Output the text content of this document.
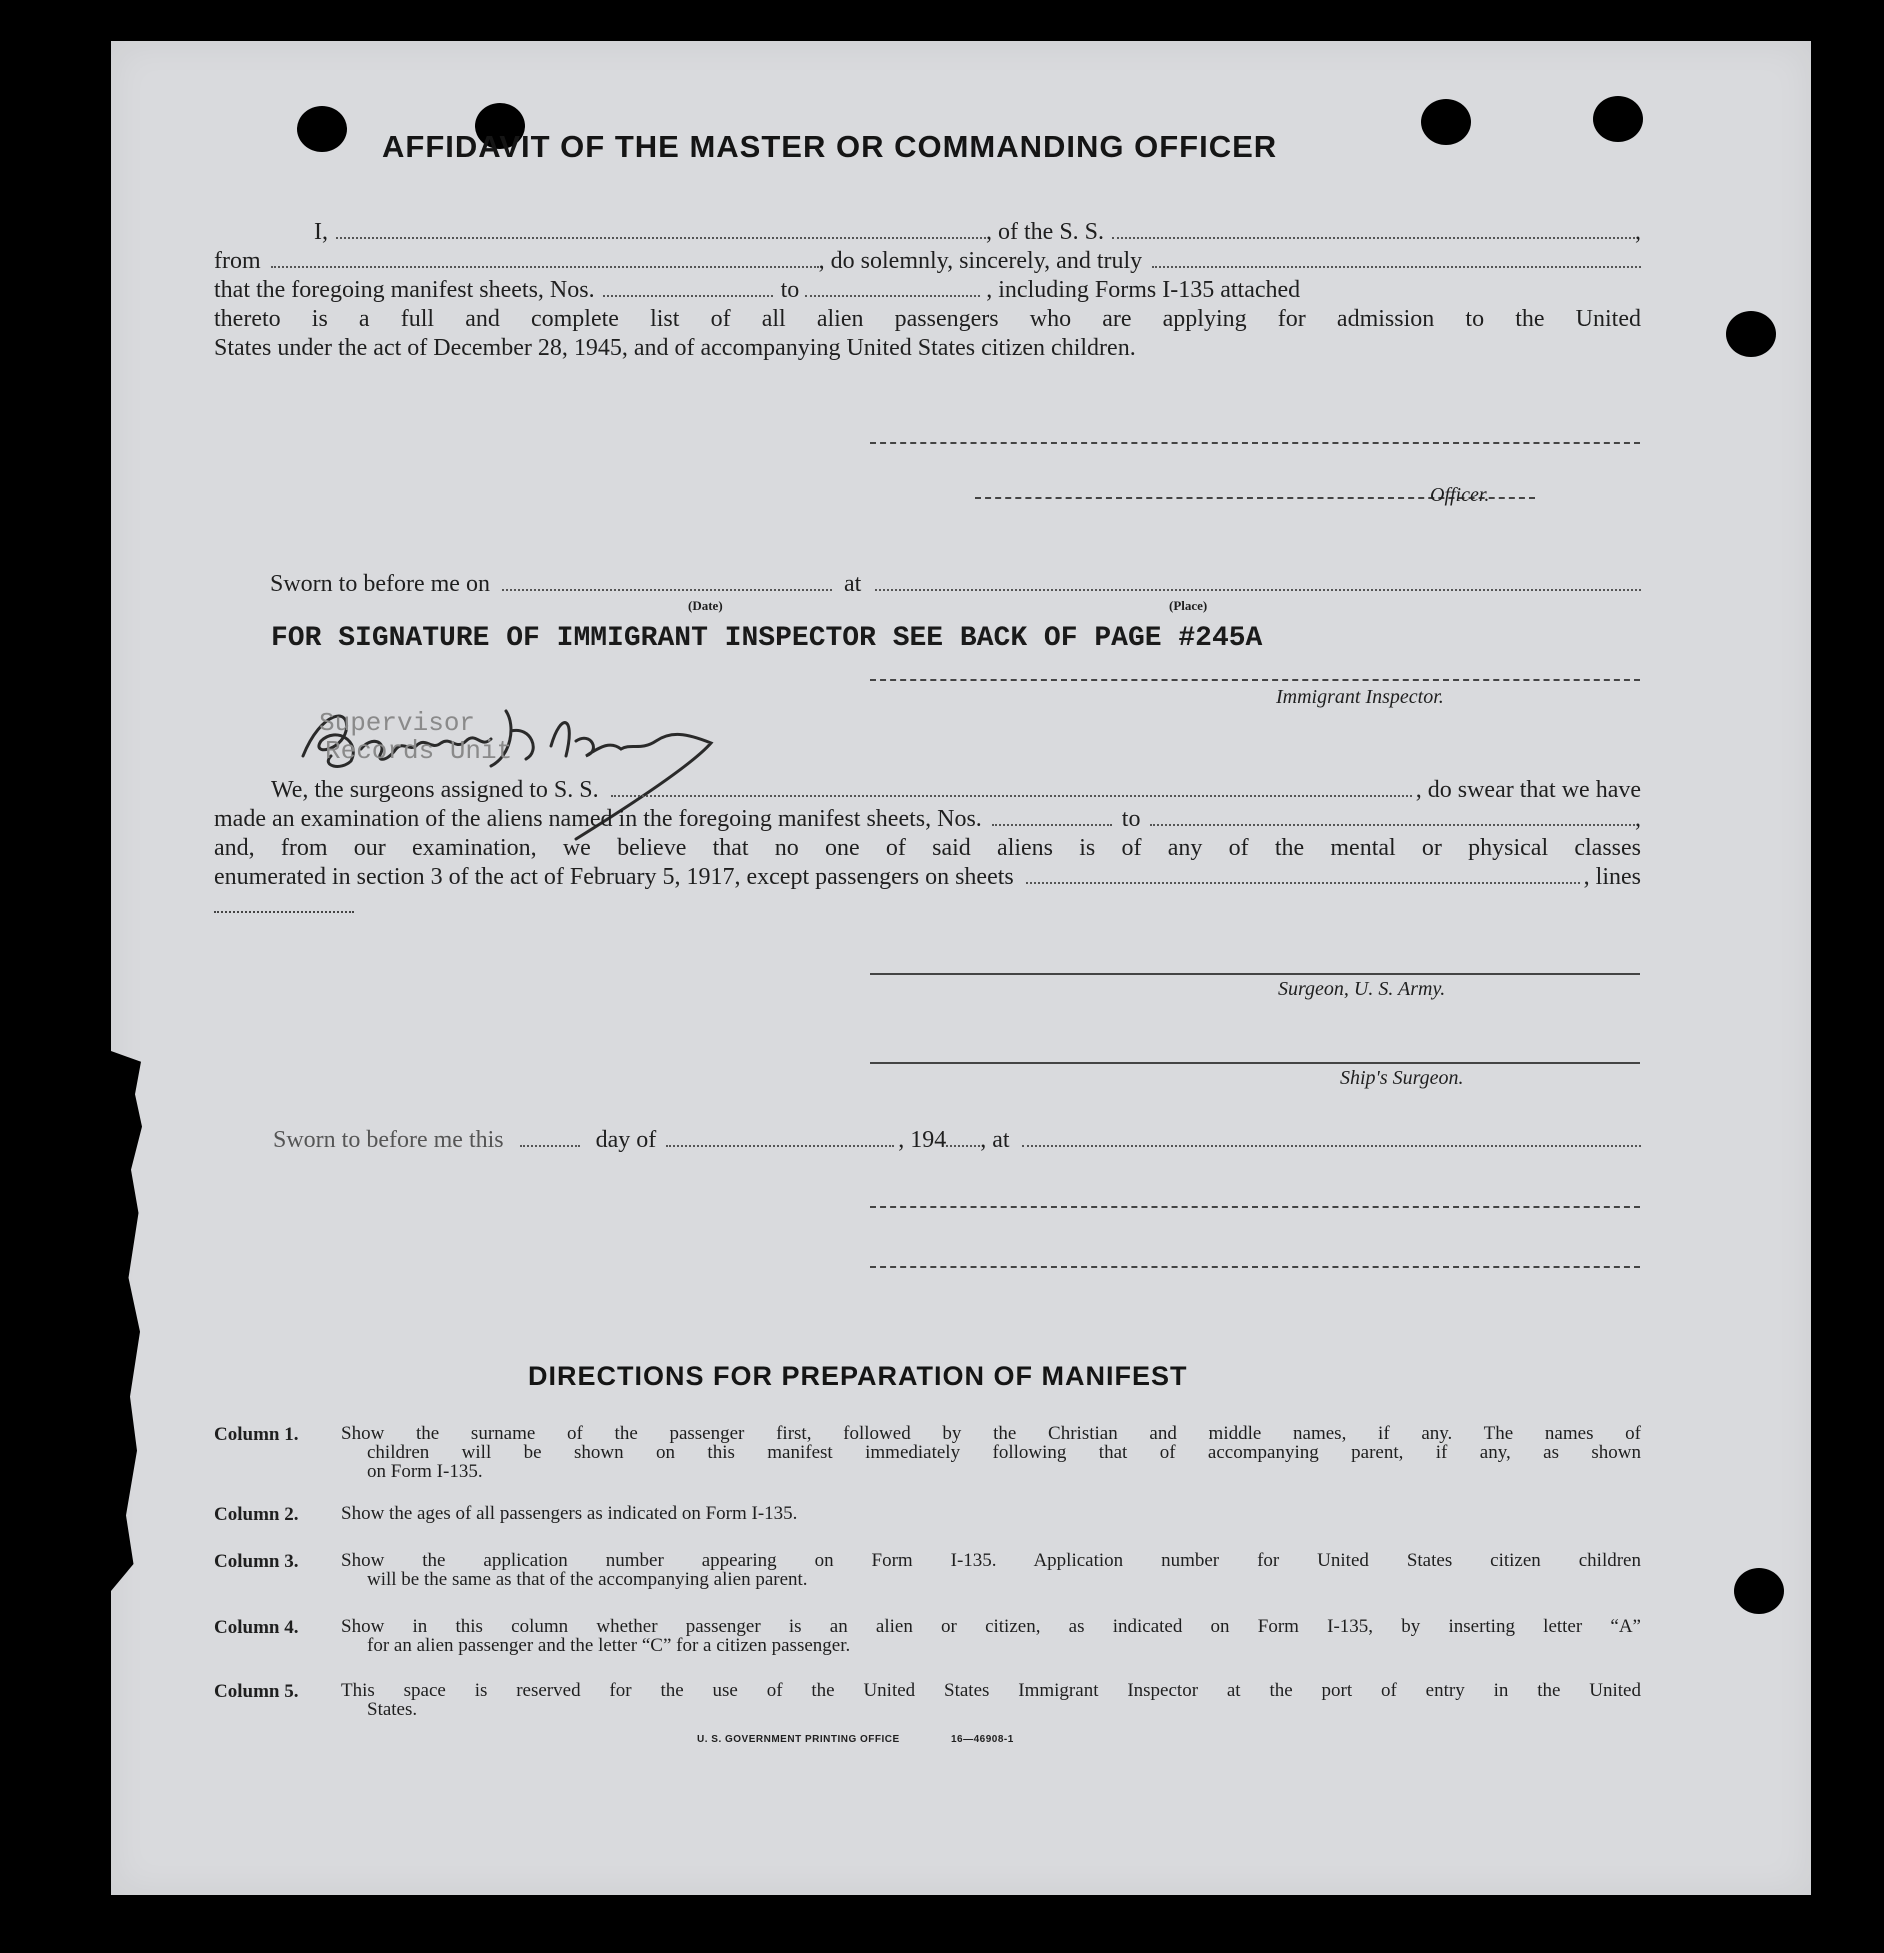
AFFIDAVIT OF THE MASTER OR COMMANDING OFFICER
I,	, of the S. S.	,
from	, do solemnly, sincerely, and truly
that the foregoing manifest sheets, Nos.	to	, including Forms I-135 attached
thereto is a full and complete list of all alien passengers who are applying for admission to the United
States under the act of December 28, 1945, and of accompanying United States citizen children.
Officer.
Sworn to before me on	at
(Date)	(Place)
FOR SIGNATURE OF IMMIGRANT INSPECTOR SEE BACK OF PAGE #245A
Immigrant Inspector.
Supervisor
Records Unit
We, the surgeons assigned to S. S.	, do swear that we have
made an examination of the aliens named in the foregoing manifest sheets, Nos.	to	,
and, from our examination, we believe that no one of said aliens is of any of the mental or physical classes
enumerated in section 3 of the act of February 5, 1917, except passengers on sheets	, lines
Surgeon, U. S. Army.
Ship's Surgeon.
Sworn to before me this	day of	, 194 , at
DIRECTIONS FOR PREPARATION OF MANIFEST
Column 1. Show the surname of the passenger first, followed by the Christian and middle names, if any. The names of
children will be shown on this manifest immediately following that of accompanying parent, if any, as shown
on Form I-135.
Column 2. Show the ages of all passengers as indicated on Form I-135.
Column 3. Show the application number appearing on Form I-135. Application number for United States citizen children
will be the same as that of the accompanying alien parent.
Column 4. Show in this column whether passenger is an alien or citizen, as indicated on Form I-135, by inserting letter “A”
for an alien passenger and the letter “C” for a citizen passenger.
Column 5. This space is reserved for the use of the United States Immigrant Inspector at the port of entry in the United
States.
U. S. GOVERNMENT PRINTING OFFICE	16—46908-1
